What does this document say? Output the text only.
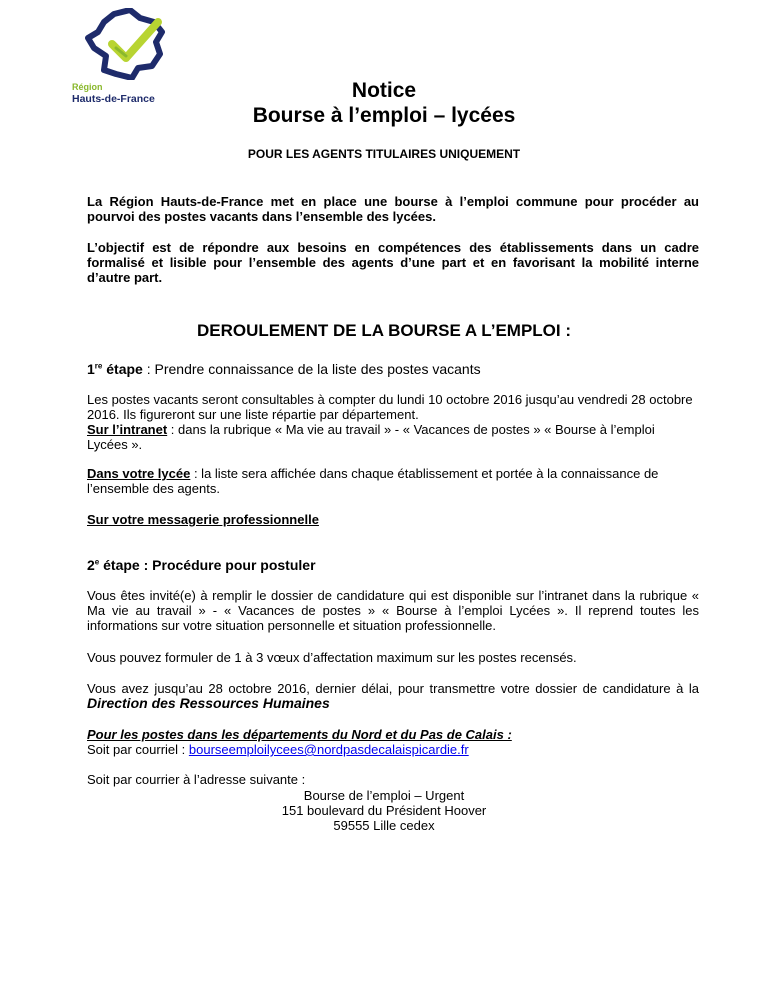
Région
Hauts-de-France	Notice
Bourse à l’emploi – lycées
POUR LES AGENTS TITULAIRES UNIQUEMENT
La Région Hauts-de-France met en place une bourse à l’emploi commune pour procéder au pourvoi des postes vacants dans l’ensemble des lycées.
L’objectif est de répondre aux besoins en compétences des établissements dans un cadre formalisé et lisible pour l’ensemble des agents d’une part et en favorisant la mobilité interne d’autre part.
DEROULEMENT DE LA BOURSE A L’EMPLOI :
1re étape : Prendre connaissance de la liste des postes vacants
Les postes vacants seront consultables à compter du lundi 10 octobre 2016 jusqu’au vendredi 28 octobre 2016. Ils figureront sur une liste répartie par département.
Sur l’intranet : dans la rubrique « Ma vie au travail » - « Vacances de postes » « Bourse à l’emploi Lycées ».
Dans votre lycée : la liste sera affichée dans chaque établissement et portée à la connaissance de l’ensemble des agents.
Sur votre messagerie professionnelle
2e étape : Procédure pour postuler
Vous êtes invité(e) à remplir le dossier de candidature qui est disponible sur l’intranet dans la rubrique « Ma vie au travail » - « Vacances de postes » « Bourse à l’emploi Lycées ». Il reprend toutes les informations sur votre situation personnelle et situation professionnelle.
Vous pouvez formuler de 1 à 3 vœux d’affectation maximum sur les postes recensés.
Vous avez jusqu’au 28 octobre 2016, dernier délai, pour transmettre votre dossier de candidature à la Direction des Ressources Humaines
Pour les postes dans les départements du Nord et du Pas de Calais :
Soit par courriel : bourseemploilycees@nordpasdecalaispicardie.fr
Soit par courrier à l’adresse suivante :
Bourse de l’emploi – Urgent
151 boulevard du Président Hoover
59555 Lille cedex
